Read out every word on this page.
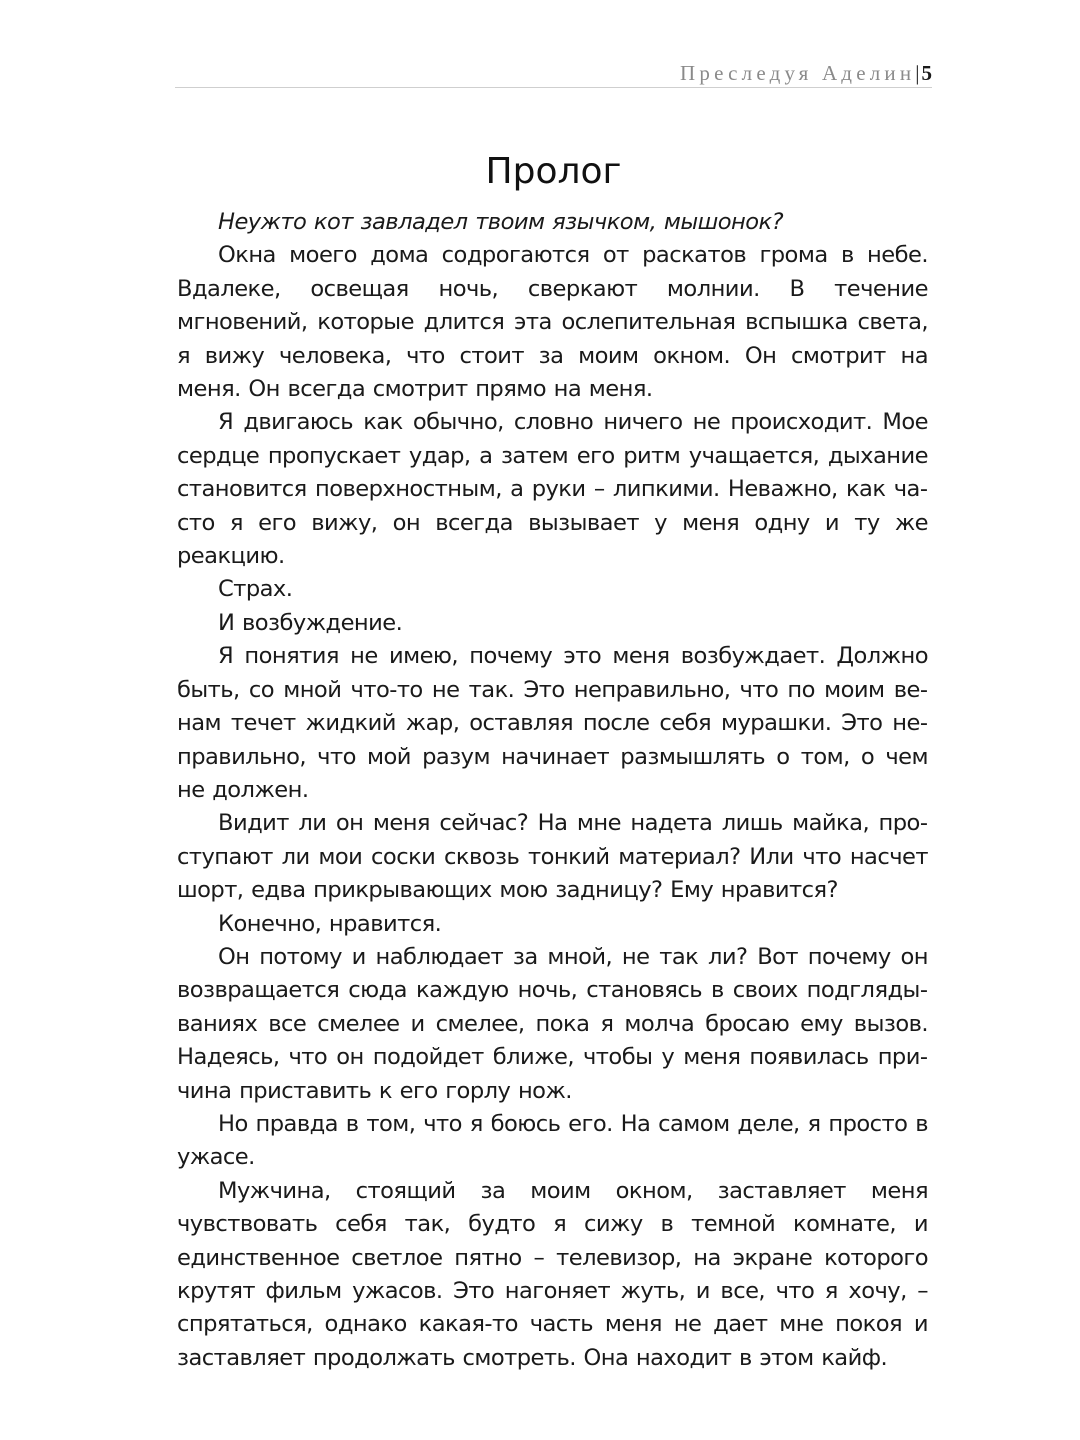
Преследуя Аделин|5
Пролог

Неужто кот завладел твоим язычком, мышонок?

Окна моего дома содрогаются от раскатов грома в небе. Вдалеке, освещая ночь, сверкают молнии. В течение мгновений, которые длится эта ослепительная вспышка света, я вижу человека, что стоит за моим окном. Он смотрит на меня. Он всегда смотрит прямо на меня.

Я двигаюсь как обычно, словно ничего не происходит. Мое сердце пропускает удар, а затем его ритм учащается, дыхание становится поверхностным, а руки – липкими. Неважно, как часто я его вижу, он всегда вызывает у меня одну и ту же реакцию.

Страх.

И возбуждение.

Я понятия не имею, почему это меня возбуждает. Должно быть, со мной что-то не так. Это неправильно, что по моим венам течет жидкий жар, оставляя после себя мурашки. Это неправильно, что мой разум начинает размышлять о том, о чем не должен.

Видит ли он меня сейчас? На мне надета лишь майка, проступают ли мои соски сквозь тонкий материал? Или что насчет шорт, едва прикрывающих мою задницу? Ему нравится?

Конечно, нравится.

Он потому и наблюдает за мной, не так ли? Вот почему он возвращается сюда каждую ночь, становясь в своих подглядываниях все смелее и смелее, пока я молча бросаю ему вызов. Надеясь, что он подойдет ближе, чтобы у меня появилась причина приставить к его горлу нож.

Но правда в том, что я боюсь его. На самом деле, я просто в ужасе.

Мужчина, стоящий за моим окном, заставляет меня чувствовать себя так, будто я сижу в темной комнате, и единственное светлое пятно – телевизор, на экране которого крутят фильм ужасов. Это нагоняет жуть, и все, что я хочу, – спрятаться, однако какая-то часть меня не дает мне покоя и заставляет продолжать смотреть. Она находит в этом кайф.
